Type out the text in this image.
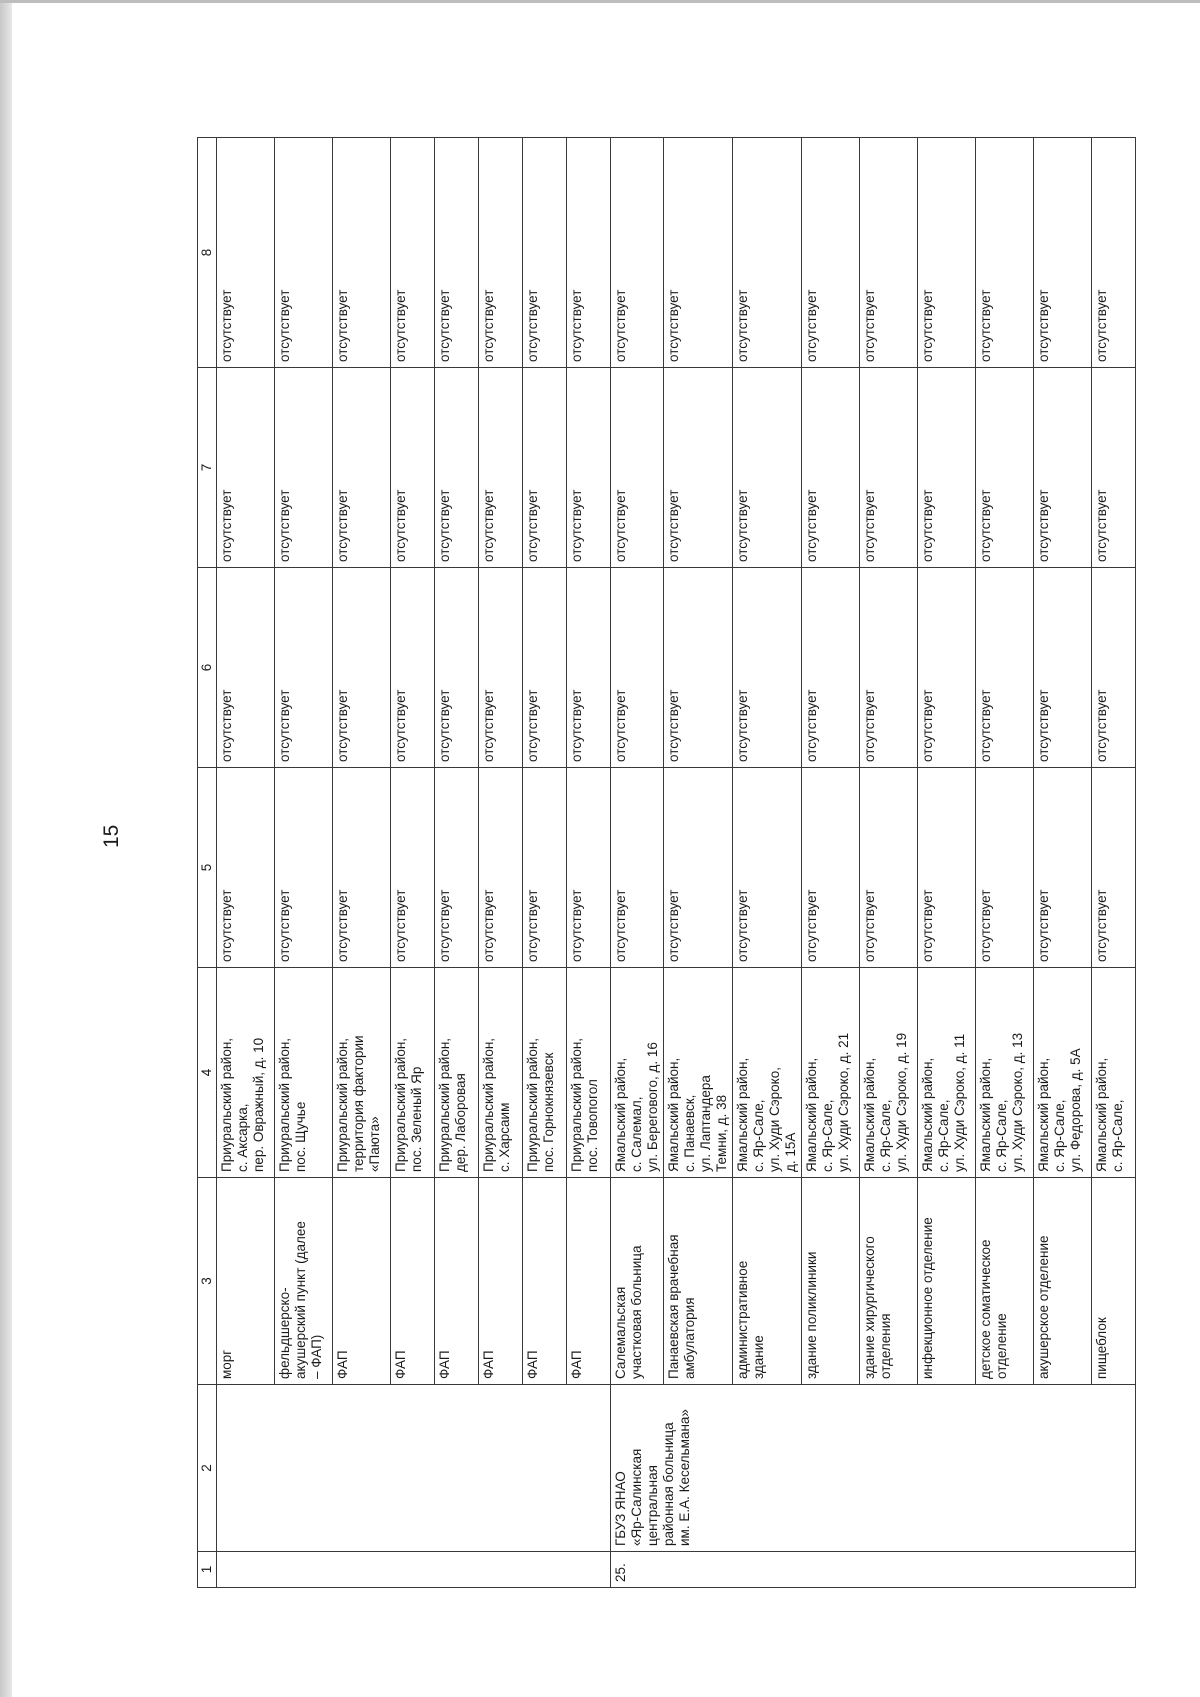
15
1	2	3	4	5	6	7	8
		морг	Приуральский район,
с. Аксарка,
пер. Овражный, д. 10	отсутствует	отсутствует	отсутствует	отсутствует
		фельдшерско-
акушерский пункт (далее
– ФАП)	Приуральский район,
пос. Щучье	отсутствует	отсутствует	отсутствует	отсутствует
		ФАП	Приуральский район,
территория фактории
«Паюта»	отсутствует	отсутствует	отсутствует	отсутствует
		ФАП	Приуральский район,
пос. Зеленый Яр	отсутствует	отсутствует	отсутствует	отсутствует
		ФАП	Приуральский район,
дер. Лаборовая	отсутствует	отсутствует	отсутствует	отсутствует
		ФАП	Приуральский район,
с. Харсаим	отсутствует	отсутствует	отсутствует	отсутствует
		ФАП	Приуральский район,
пос. Горнокнязевск	отсутствует	отсутствует	отсутствует	отсутствует
		ФАП	Приуральский район,
пос. Товопогол	отсутствует	отсутствует	отсутствует	отсутствует
25.	ГБУЗ ЯНАО
«Яр-Салинская
центральная
районная больница
им. Е.А. Кесельмана»	Салемальская
участковая больница	Ямальский район,
с. Салемал,
ул. Берегового, д. 16	отсутствует	отсутствует	отсутствует	отсутствует
		Панаевская врачебная
амбулатория	Ямальский район,
с. Панаевск,
ул. Лаптандера
Темни, д. 38	отсутствует	отсутствует	отсутствует	отсутствует
		административное
здание	Ямальский район,
с. Яр-Сале,
ул. Худи Сэроко,
д. 15А	отсутствует	отсутствует	отсутствует	отсутствует
		здание поликлиники	Ямальский район,
с. Яр-Сале,
ул. Худи Сэроко, д. 21	отсутствует	отсутствует	отсутствует	отсутствует
		здание хирургического
отделения	Ямальский район,
с. Яр-Сале,
ул. Худи Сэроко, д. 19	отсутствует	отсутствует	отсутствует	отсутствует
		инфекционное отделение	Ямальский район,
с. Яр-Сале,
ул. Худи Сэроко, д. 11	отсутствует	отсутствует	отсутствует	отсутствует
		детское соматическое
отделение	Ямальский район,
с. Яр-Сале,
ул. Худи Сэроко, д. 13	отсутствует	отсутствует	отсутствует	отсутствует
		акушерское отделение	Ямальский район,
с. Яр-Сале,
ул. Федорова, д. 5А	отсутствует	отсутствует	отсутствует	отсутствует
		пищеблок	Ямальский район,
с. Яр-Сале,	отсутствует	отсутствует	отсутствует	отсутствует
